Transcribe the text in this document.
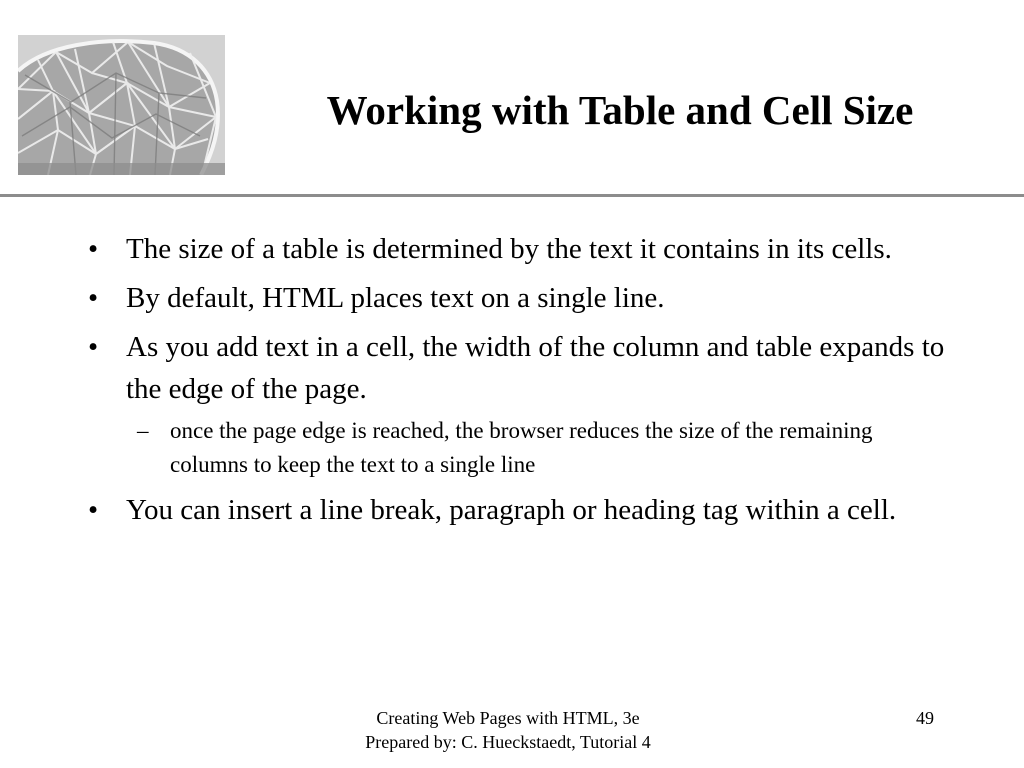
Working with Table and Cell Size
• The size of a table is determined by the text it contains in its cells.
• By default, HTML places text on a single line.
• As you add text in a cell, the width of the column and table expands to the edge of the page.
– once the page edge is reached, the browser reduces the size of the remaining columns to keep the text to a single line
• You can insert a line break, paragraph or heading tag within a cell.
Creating Web Pages with HTML, 3e
Prepared by: C. Hueckstaedt, Tutorial 4
49
